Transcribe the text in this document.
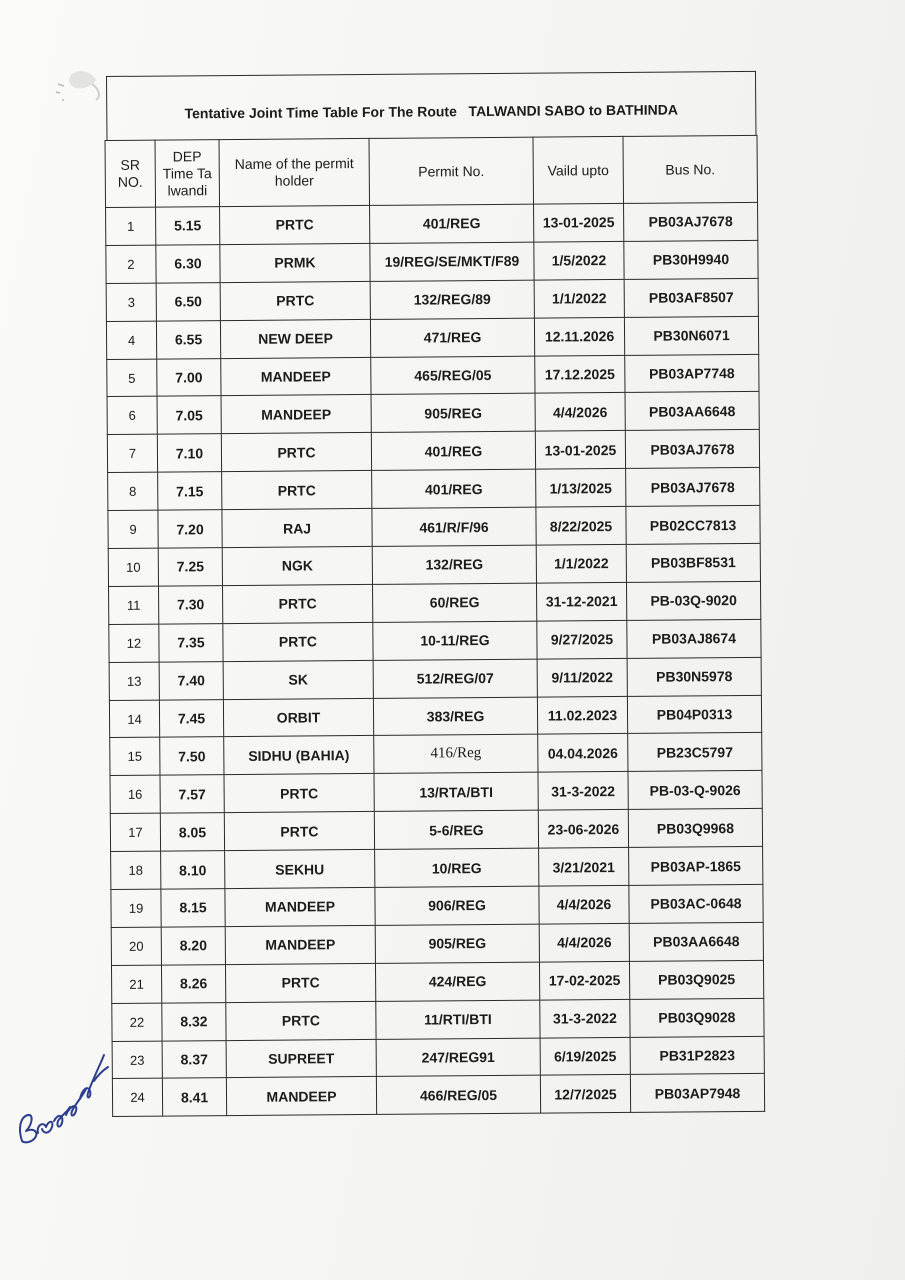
Tentative Joint Time Table For The Route
TALWANDI SABO to BATHINDA
SR NO.	DEP Time Ta lwandi	Name of the permit holder	Permit No.	Vaild upto	Bus No.
1	5.15	PRTC	401/REG	13-01-2025	PB03AJ7678
2	6.30	PRMK	19/REG/SE/MKT/F89	1/5/2022	PB30H9940
3	6.50	PRTC	132/REG/89	1/1/2022	PB03AF8507
4	6.55	NEW DEEP	471/REG	12.11.2026	PB30N6071
5	7.00	MANDEEP	465/REG/05	17.12.2025	PB03AP7748
6	7.05	MANDEEP	905/REG	4/4/2026	PB03AA6648
7	7.10	PRTC	401/REG	13-01-2025	PB03AJ7678
8	7.15	PRTC	401/REG	1/13/2025	PB03AJ7678
9	7.20	RAJ	461/R/F/96	8/22/2025	PB02CC7813
10	7.25	NGK	132/REG	1/1/2022	PB03BF8531
11	7.30	PRTC	60/REG	31-12-2021	PB-03Q-9020
12	7.35	PRTC	10-11/REG	9/27/2025	PB03AJ8674
13	7.40	SK	512/REG/07	9/11/2022	PB30N5978
14	7.45	ORBIT	383/REG	11.02.2023	PB04P0313
15	7.50	SIDHU (BAHIA)	416/Reg	04.04.2026	PB23C5797
16	7.57	PRTC	13/RTA/BTI	31-3-2022	PB-03-Q-9026
17	8.05	PRTC	5-6/REG	23-06-2026	PB03Q9968
18	8.10	SEKHU	10/REG	3/21/2021	PB03AP-1865
19	8.15	MANDEEP	906/REG	4/4/2026	PB03AC-0648
20	8.20	MANDEEP	905/REG	4/4/2026	PB03AA6648
21	8.26	PRTC	424/REG	17-02-2025	PB03Q9025
22	8.32	PRTC	11/RTI/BTI	31-3-2022	PB03Q9028
23	8.37	SUPREET	247/REG91	6/19/2025	PB31P2823
24	8.41	MANDEEP	466/REG/05	12/7/2025	PB03AP7948
